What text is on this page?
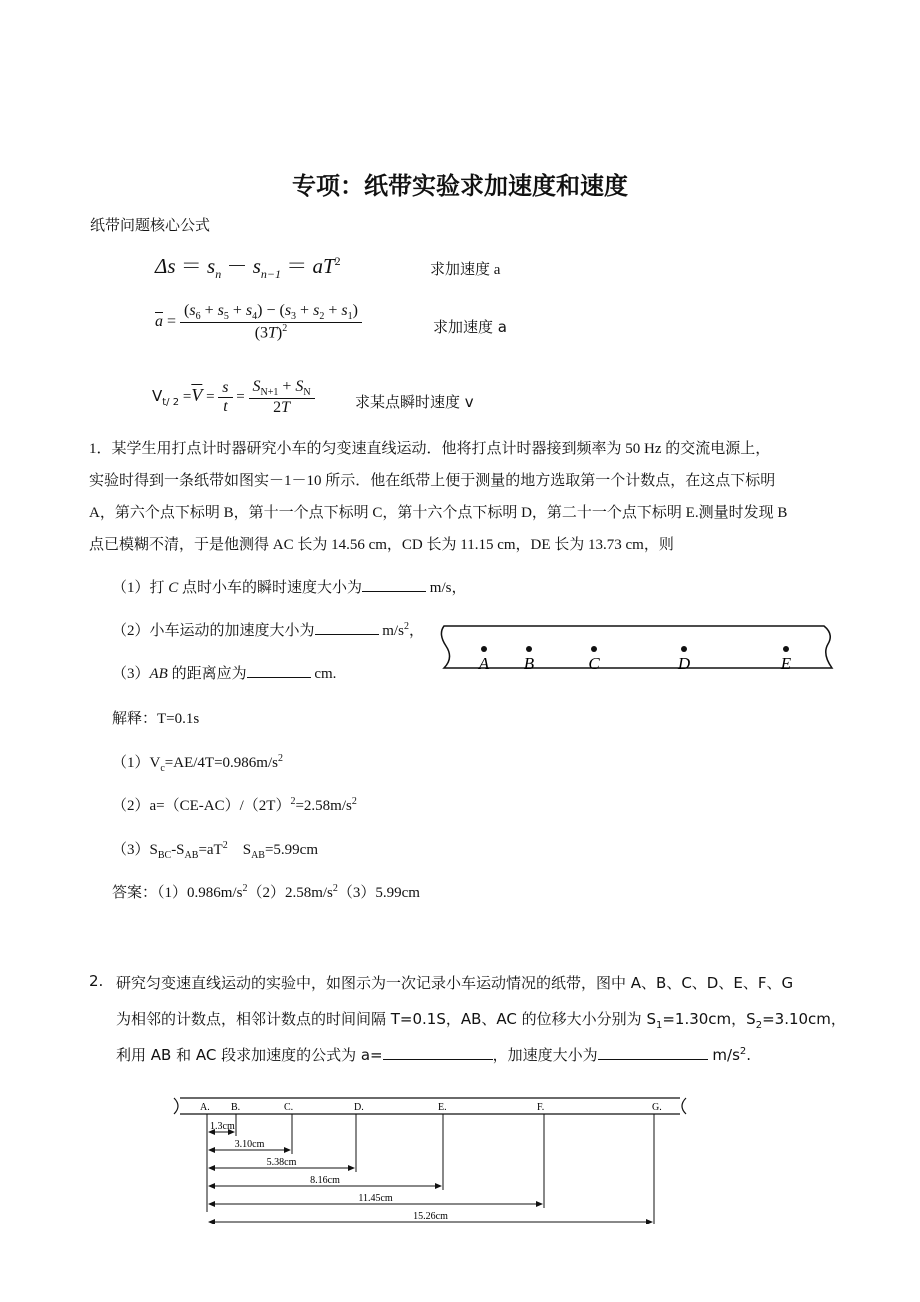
专项：纸带实验求加速度和速度
纸带问题核心公式
$\Delta s = s_n - s_{n-1} = aT^2$
求加速度 a
$\overline{a} = \frac{(s_6 + s_5 + s_4) - (s_3 + s_2 + s_1)}{(3T)^2}$	求加速度 a
$V_{t/ 2} =\overline{V} = \frac{s}{t} = \frac{S_{N+1} + S_N}{2T}$	求某点瞬时速度 v
1．某学生用打点计时器研究小车的匀变速直线运动．他将打点计时器接到频率为 50 Hz 的交流电源上，
实验时得到一条纸带如图实－1－10 所示．他在纸带上便于测量的地方选取第一个计数点，在这点下标明
A，第六个点下标明 B，第十一个点下标明 C，第十六个点下标明 D，第二十一个点下标明 E.测量时发现 B
点已模糊不清，于是他测得 AC 长为 14.56 cm，CD 长为 11.15 cm，DE 长为 13.73 cm，则
（1）打 C 点时小车的瞬时速度大小为	m/s，
（2）小车运动的加速度大小为	$m/s^2$，
（3）AB 的距离应为	cm.
A B	C	D	E
解释：T=0.1s
$(1)V_c=AE/4T=0.986m/s^2$
$(2)a=(CE-AC)/(2T)^2=2.58m/s^2$
$(3)S_{BC}-S_{AB}=aT^2$　$S_{AB}=5.99cm$
答案：$(1)0.986m/s^2(2)2.58m/s^2(3)5.99cm$
2. 研究匀变速直线运动的实验中，如图示为一次记录小车运动情况的纸带，图中 A、B、C、D、E、F、G
为相邻的计数点，相邻计数点的时间间隔 T=0.1S，AB、AC 的位移大小分别为 $S_1=1.30cm$，$S_2=3.10cm$，
利用 AB 和 AC 段求加速度的公式为 a=	，加速度大小为	$m/s^2$.
A. B.	C.	D.	E.	F.	G.
1.3cm
3.10cm
5.38cm
8.16cm
11.45cm
15.26cm
